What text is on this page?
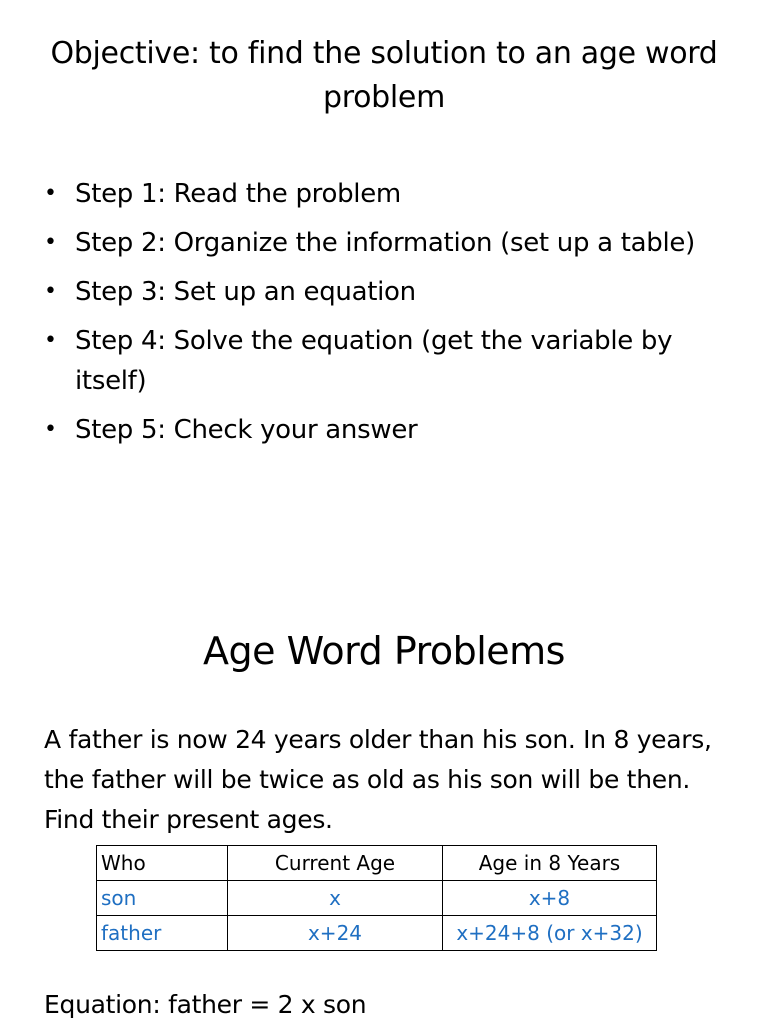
Objective: to find the solution to an age word problem
• Step 1: Read the problem
• Step 2: Organize the information (set up a table)
• Step 3: Set up an equation
• Step 4: Solve the equation (get the variable by itself)
• Step 5: Check your answer
Age Word Problems

A father is now 24 years older than his son. In 8 years, the father will be twice as old as his son will be then. Find their present ages.

Who	Current Age	Age in 8 Years
son	x	x+8
father	x+24	x+24+8 (or x+32)

Equation: father = 2 x son
